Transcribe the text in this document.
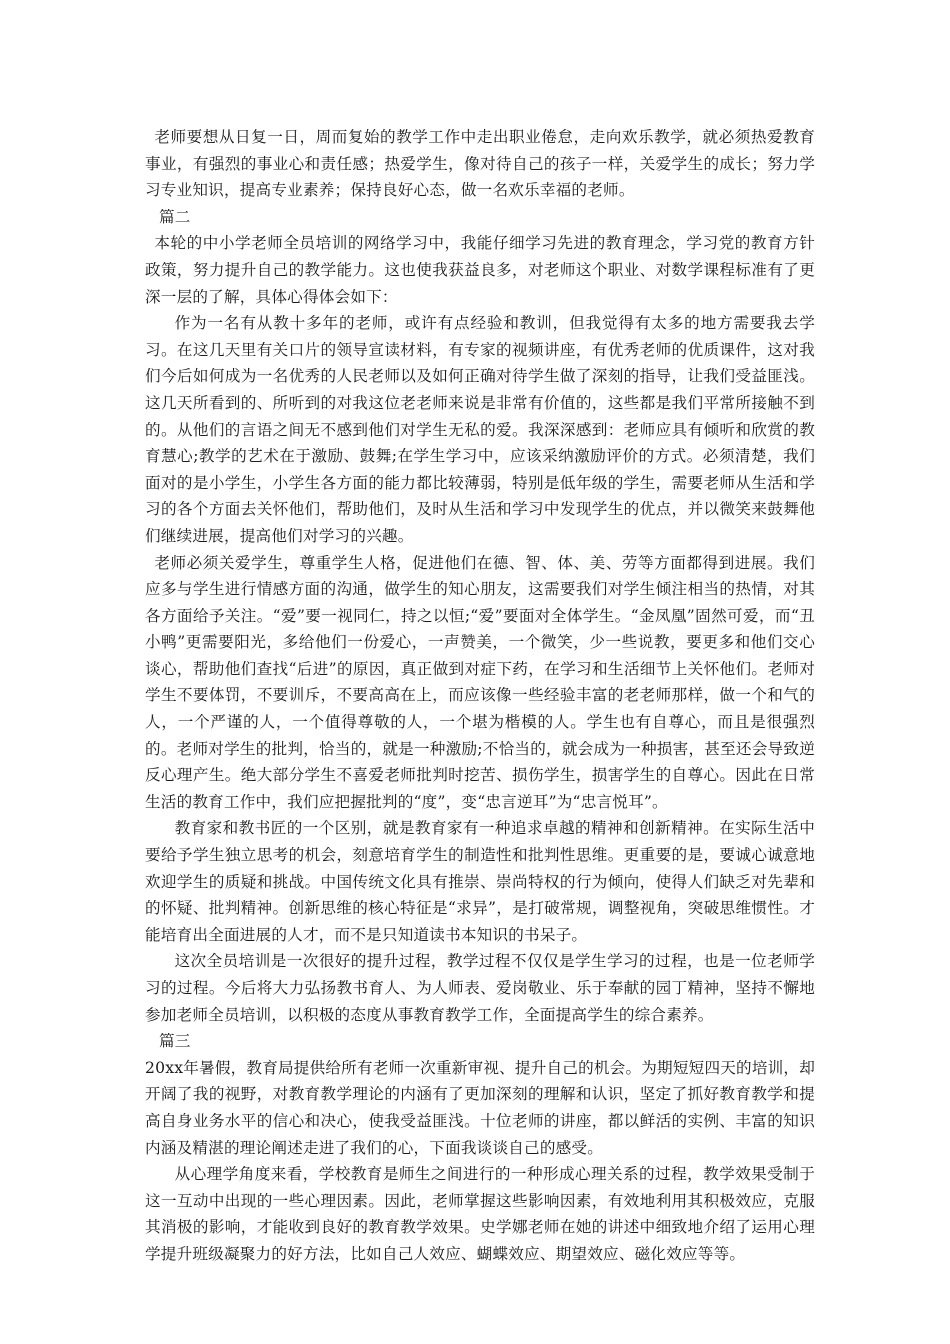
老师要想从日复一日，周而复始的教学工作中走出职业倦怠，走向欢乐教学，就必须热爱教育事业，有强烈的事业心和责任感；热爱学生，像对待自己的孩子一样，关爱学生的成长；努力学习专业知识，提高专业素养；保持良好心态，做一名欢乐幸福的老师。

篇二

本轮的中小学老师全员培训的网络学习中，我能仔细学习先进的教育理念，学习党的教育方针政策，努力提升自己的教学能力。这也使我获益良多，对老师这个职业、对数学课程标准有了更深一层的了解，具体心得体会如下：

作为一名有从教十多年的老师，或许有点经验和教训，但我觉得有太多的地方需要我去学习。在这几天里有关口片的领导宣读材料，有专家的视频讲座，有优秀老师的优质课件，这对我们今后如何成为一名优秀的人民老师以及如何正确对待学生做了深刻的指导，让我们受益匪浅。这几天所看到的、所听到的对我这位老老师来说是非常有价值的，这些都是我们平常所接触不到的。从他们的言语之间无不感到他们对学生无私的爱。我深深感到：老师应具有倾听和欣赏的教育慧心;教学的艺术在于激励、鼓舞;在学生学习中，应该采纳激励评价的方式。必须清楚，我们面对的是小学生，小学生各方面的能力都比较薄弱，特别是低年级的学生，需要老师从生活和学习的各个方面去关怀他们，帮助他们，及时从生活和学习中发现学生的优点，并以微笑来鼓舞他们继续进展，提高他们对学习的兴趣。

老师必须关爱学生，尊重学生人格，促进他们在德、智、体、美、劳等方面都得到进展。我们应多与学生进行情感方面的沟通，做学生的知心朋友，这需要我们对学生倾注相当的热情，对其各方面给予关注。“爱”要一视同仁，持之以恒;“爱”要面对全体学生。“金凤凰”固然可爱，而“丑小鸭”更需要阳光，多给他们一份爱心，一声赞美，一个微笑，少一些说教，要更多和他们交心谈心，帮助他们查找“后进”的原因，真正做到对症下药，在学习和生活细节上关怀他们。老师对学生不要体罚，不要训斥，不要高高在上，而应该像一些经验丰富的老老师那样，做一个和气的人，一个严谨的人，一个值得尊敬的人，一个堪为楷模的人。学生也有自尊心，而且是很强烈的。老师对学生的批判，恰当的，就是一种激励;不恰当的，就会成为一种损害，甚至还会导致逆反心理产生。绝大部分学生不喜爱老师批判时挖苦、损伤学生，损害学生的自尊心。因此在日常生活的教育工作中，我们应把握批判的“度”，变“忠言逆耳”为“忠言悦耳”。

教育家和教书匠的一个区别，就是教育家有一种追求卓越的精神和创新精神。在实际生活中要给予学生独立思考的机会，刻意培育学生的制造性和批判性思维。更重要的是，要诚心诚意地欢迎学生的质疑和挑战。中国传统文化具有推崇、崇尚特权的行为倾向，使得人们缺乏对先辈和的怀疑、批判精神。创新思维的核心特征是“求异”，是打破常规，调整视角，突破思维惯性。才能培育出全面进展的人才，而不是只知道读书本知识的书呆子。

这次全员培训是一次很好的提升过程，教学过程不仅仅是学生学习的过程，也是一位老师学习的过程。今后将大力弘扬教书育人、为人师表、爱岗敬业、乐于奉献的园丁精神，坚持不懈地参加老师全员培训，以积极的态度从事教育教学工作，全面提高学生的综合素养。

篇三

20xx年暑假，教育局提供给所有老师一次重新审视、提升自己的机会。为期短短四天的培训，却开阔了我的视野，对教育教学理论的内涵有了更加深刻的理解和认识，坚定了抓好教育教学和提高自身业务水平的信心和决心，使我受益匪浅。十位老师的讲座，都以鲜活的实例、丰富的知识内涵及精湛的理论阐述走进了我们的心，下面我谈谈自己的感受。

从心理学角度来看，学校教育是师生之间进行的一种形成心理关系的过程，教学效果受制于这一互动中出现的一些心理因素。因此，老师掌握这些影响因素，有效地利用其积极效应，克服其消极的影响，才能收到良好的教育教学效果。史学娜老师在她的讲述中细致地介绍了运用心理学提升班级凝聚力的好方法，比如自己人效应、蝴蝶效应、期望效应、磁化效应等等。
